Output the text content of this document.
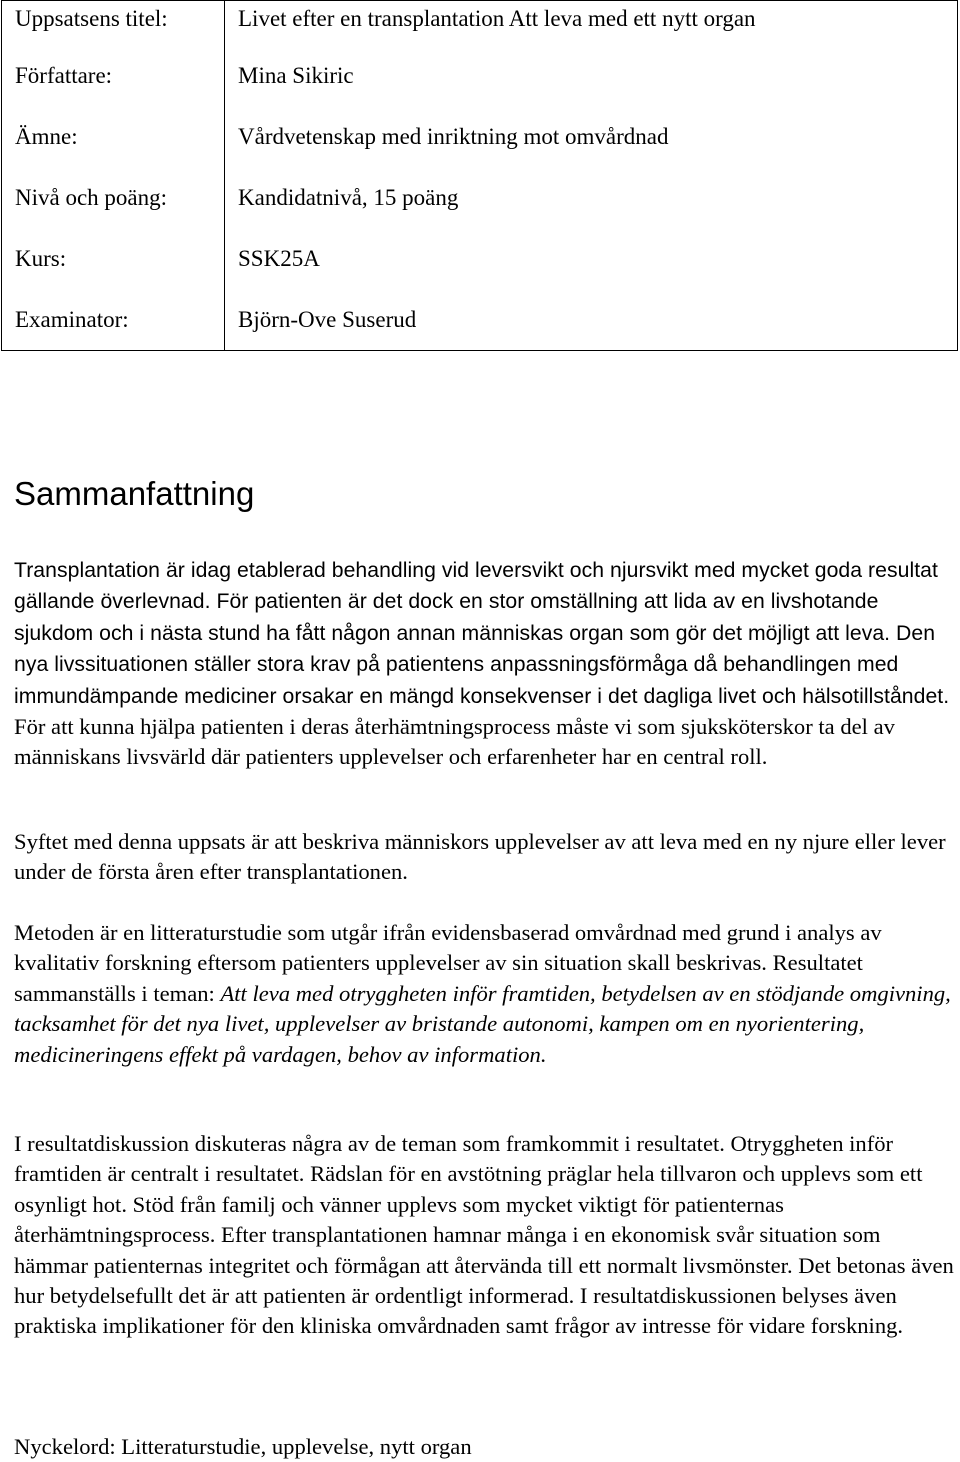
Uppsatsens titel:	Livet efter en transplantation Att leva med ett nytt organ
Författare:	Mina Sikiric
Ämne:	Vårdvetenskap med inriktning mot omvårdnad
Nivå och poäng:	Kandidatnivå, 15 poäng
Kurs:	SSK25A
Examinator:	Björn-Ove Suserud
Sammanfattning

Transplantation är idag etablerad behandling vid leversvikt och njursvikt med mycket goda resultat gällande överlevnad. För patienten är det dock en stor omställning att lida av en livshotande sjukdom och i nästa stund ha fått någon annan människas organ som gör det möjligt att leva. Den nya livssituationen ställer stora krav på patientens anpassningsförmåga då behandlingen med immundämpande mediciner orsakar en mängd konsekvenser i det dagliga livet och hälsotillståndet. För att kunna hjälpa patienten i deras återhämtningsprocess måste vi som sjuksköterskor ta del av människans livsvärld där patienters upplevelser och erfarenheter har en central roll.

Syftet med denna uppsats är att beskriva människors upplevelser av att leva med en ny njure eller lever under de första åren efter transplantationen.

Metoden är en litteraturstudie som utgår ifrån evidensbaserad omvårdnad med grund i analys av kvalitativ forskning eftersom patienters upplevelser av sin situation skall beskrivas. Resultatet sammanställs i teman: Att leva med otryggheten inför framtiden, betydelsen av en stödjande omgivning, tacksamhet för det nya livet, upplevelser av bristande autonomi, kampen om en nyorientering, medicineringens effekt på vardagen, behov av information.

I resultatdiskussion diskuteras några av de teman som framkommit i resultatet. Otryggheten inför framtiden är centralt i resultatet. Rädslan för en avstötning präglar hela tillvaron och upplevs som ett osynligt hot. Stöd från familj och vänner upplevs som mycket viktigt för patienternas återhämtningsprocess. Efter transplantationen hamnar många i en ekonomisk svår situation som hämmar patienternas integritet och förmågan att återvända till ett normalt livsmönster. Det betonas även hur betydelsefullt det är att patienten är ordentligt informerad. I resultatdiskussionen belyses även praktiska implikationer för den kliniska omvårdnaden samt frågor av intresse för vidare forskning.

Nyckelord: Litteraturstudie, upplevelse, nytt organ
